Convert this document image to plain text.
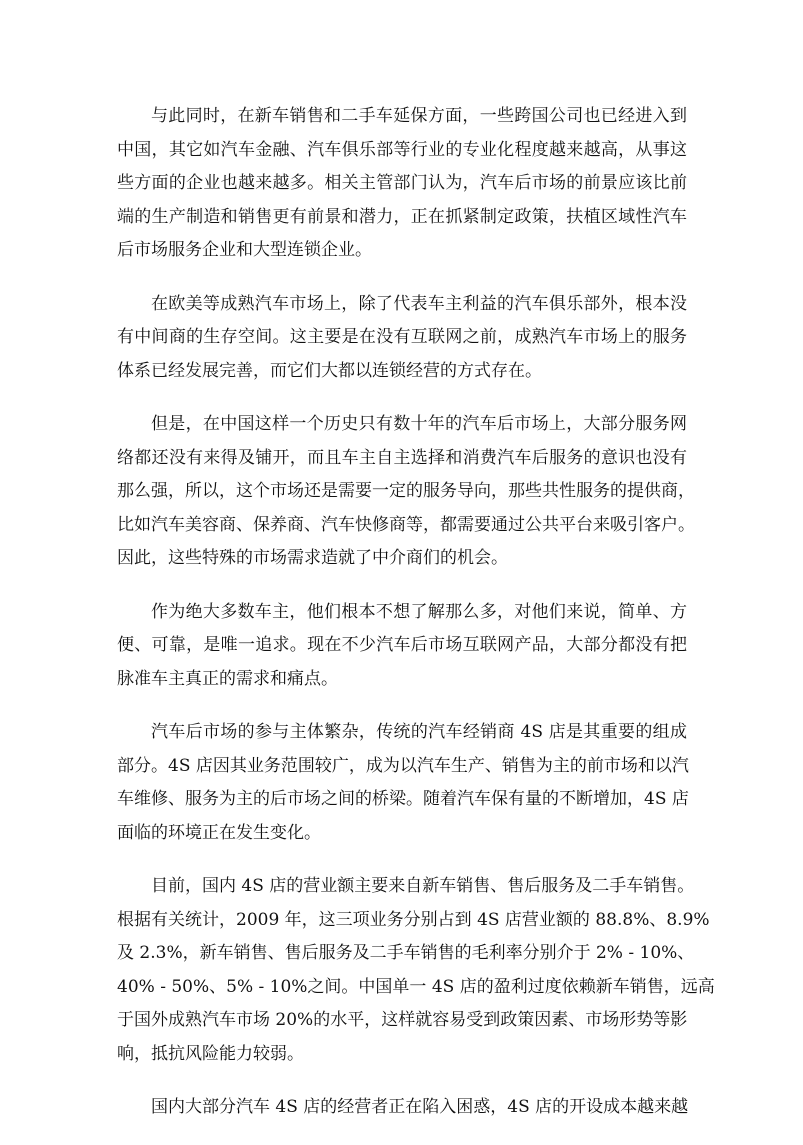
与此同时，在新车销售和二手车延保方面，一些跨国公司也已经进入到
中国，其它如汽车金融、汽车俱乐部等行业的专业化程度越来越高，从事这
些方面的企业也越来越多。相关主管部门认为，汽车后市场的前景应该比前
端的生产制造和销售更有前景和潜力，正在抓紧制定政策，扶植区域性汽车
后市场服务企业和大型连锁企业。

在欧美等成熟汽车市场上，除了代表车主利益的汽车俱乐部外，根本没
有中间商的生存空间。这主要是在没有互联网之前，成熟汽车市场上的服务
体系已经发展完善，而它们大都以连锁经营的方式存在。

但是，在中国这样一个历史只有数十年的汽车后市场上，大部分服务网
络都还没有来得及铺开，而且车主自主选择和消费汽车后服务的意识也没有
那么强，所以，这个市场还是需要一定的服务导向，那些共性服务的提供商，
比如汽车美容商、保养商、汽车快修商等，都需要通过公共平台来吸引客户。
因此，这些特殊的市场需求造就了中介商们的机会。

作为绝大多数车主，他们根本不想了解那么多，对他们来说，简单、方
便、可靠，是唯一追求。现在不少汽车后市场互联网产品，大部分都没有把
脉准车主真正的需求和痛点。

汽车后市场的参与主体繁杂，传统的汽车经销商 4S 店是其重要的组成
部分。4S 店因其业务范围较广，成为以汽车生产、销售为主的前市场和以汽
车维修、服务为主的后市场之间的桥梁。随着汽车保有量的不断增加，4S 店
面临的环境正在发生变化。

目前，国内 4S 店的营业额主要来自新车销售、售后服务及二手车销售。
根据有关统计，2009 年，这三项业务分别占到 4S 店营业额的 88.8%、8.9%
及 2.3%，新车销售、售后服务及二手车销售的毛利率分别介于 2% - 10%、
40% - 50%、5% - 10%之间。中国单一 4S 店的盈利过度依赖新车销售，远高
于国外成熟汽车市场 20%的水平，这样就容易受到政策因素、市场形势等影
响，抵抗风险能力较弱。

国内大部分汽车 4S 店的经营者正在陷入困惑，4S 店的开设成本越来越
